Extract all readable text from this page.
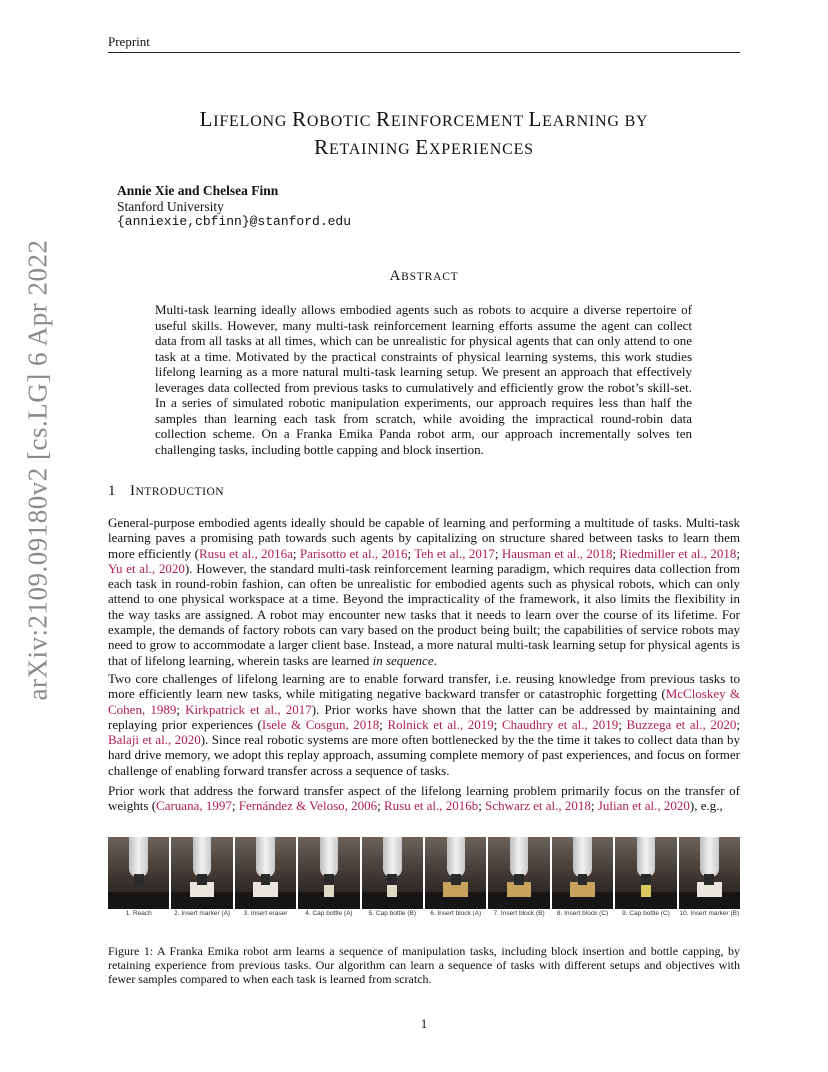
Preprint
arXiv:2109.09180v2 [cs.LG] 6 Apr 2022
LIFELONG ROBOTIC REINFORCEMENT LEARNING BY
RETAINING EXPERIENCES
Annie Xie and Chelsea Finn
Stanford University
{anniexie,cbfinn}@stanford.edu
ABSTRACT
Multi-task learning ideally allows embodied agents such as robots to acquire a diverse repertoire of useful skills. However, many multi-task reinforcement learning efforts assume the agent can collect data from all tasks at all times, which can be unrealistic for physical agents that can only attend to one task at a time. Motivated by the practical constraints of physical learning systems, this work studies lifelong learning as a more natural multi-task learning setup. We present an approach that effectively leverages data collected from previous tasks to cumulatively and efficiently grow the robot’s skill-set. In a series of simulated robotic manipulation experiments, our approach requires less than half the samples than learning each task from scratch, while avoiding the impractical round-robin data collection scheme. On a Franka Emika Panda robot arm, our approach incrementally solves ten challenging tasks, including bottle capping and block insertion.
1 INTRODUCTION
General-purpose embodied agents ideally should be capable of learning and performing a multitude of tasks. Multi-task learning paves a promising path towards such agents by capitalizing on structure shared between tasks to learn them more efficiently (Rusu et al., 2016a; Parisotto et al., 2016; Teh et al., 2017; Hausman et al., 2018; Riedmiller et al., 2018; Yu et al., 2020). However, the standard multi-task reinforcement learning paradigm, which requires data collection from each task in round-robin fashion, can often be unrealistic for embodied agents such as physical robots, which can only attend to one physical workspace at a time. Beyond the impracticality of the framework, it also limits the flexibility in the way tasks are assigned. A robot may encounter new tasks that it needs to learn over the course of its lifetime. For example, the demands of factory robots can vary based on the product being built; the capabilities of service robots may need to grow to accommodate a larger client base. Instead, a more natural multi-task learning setup for physical agents is that of lifelong learning, wherein tasks are learned in sequence.
Two core challenges of lifelong learning are to enable forward transfer, i.e. reusing knowledge from previous tasks to more efficiently learn new tasks, while mitigating negative backward transfer or catastrophic forgetting (McCloskey & Cohen, 1989; Kirkpatrick et al., 2017). Prior works have shown that the latter can be addressed by maintaining and replaying prior experiences (Isele & Cosgun, 2018; Rolnick et al., 2019; Chaudhry et al., 2019; Buzzega et al., 2020; Balaji et al., 2020). Since real robotic systems are more often bottlenecked by the the time it takes to collect data than by hard drive memory, we adopt this replay approach, assuming complete memory of past experiences, and focus on former challenge of enabling forward transfer across a sequence of tasks.
Prior work that address the forward transfer aspect of the lifelong learning problem primarily focus on the transfer of weights (Caruana, 1997; Fernández & Veloso, 2006; Rusu et al., 2016b; Schwarz et al., 2018; Julian et al., 2020), e.g.,
1. Reach	2. Insert marker (A)	3. Insert eraser	4. Cap bottle (A)	5. Cap bottle (B)	6. Insert block (A)	7. Insert block (B)	8. Insert block (C)	9. Cap bottle (C)	10. Insert marker (B)
Figure 1: A Franka Emika robot arm learns a sequence of manipulation tasks, including block insertion and bottle capping, by retaining experience from previous tasks. Our algorithm can learn a sequence of tasks with different setups and objectives with fewer samples compared to when each task is learned from scratch.
1
